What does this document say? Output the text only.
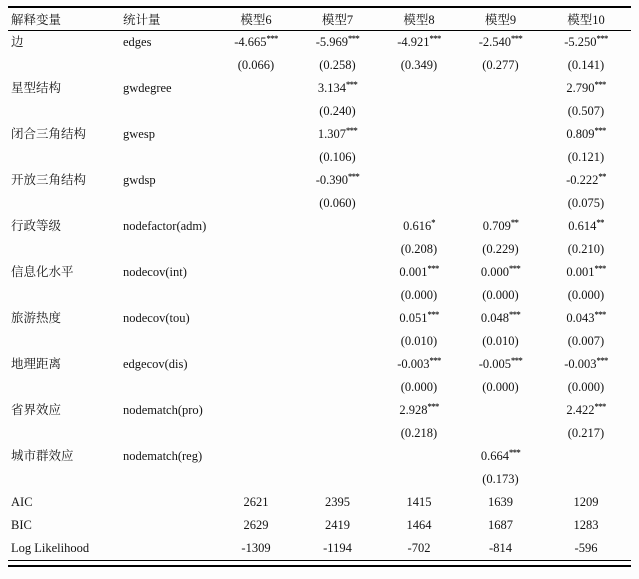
解释变量	统计量	模型6	模型7	模型8	模型9	模型10
边	edges	-4.665***	-5.969***	-4.921***	-2.540***	-5.250***
		(0.066)	(0.258)	(0.349)	(0.277)	(0.141)
星型结构	gwdegree		3.134***			2.790***
			(0.240)			(0.507)
闭合三角结构	gwesp		1.307***			0.809***
			(0.106)			(0.121)
开放三角结构	gwdsp		-0.390***			-0.222**
			(0.060)			(0.075)
行政等级	nodefactor(adm)			0.616*	0.709**	0.614**
				(0.208)	(0.229)	(0.210)
信息化水平	nodecov(int)			0.001***	0.000***	0.001***
				(0.000)	(0.000)	(0.000)
旅游热度	nodecov(tou)			0.051***	0.048***	0.043***
				(0.010)	(0.010)	(0.007)
地理距离	edgecov(dis)			-0.003***	-0.005***	-0.003***
				(0.000)	(0.000)	(0.000)
省界效应	nodematch(pro)			2.928***		2.422***
				(0.218)		(0.217)
城市群效应	nodematch(reg)				0.664***	
					(0.173)	
AIC		2621	2395	1415	1639	1209
BIC		2629	2419	1464	1687	1283
Log Likelihood		-1309	-1194	-702	-814	-596
